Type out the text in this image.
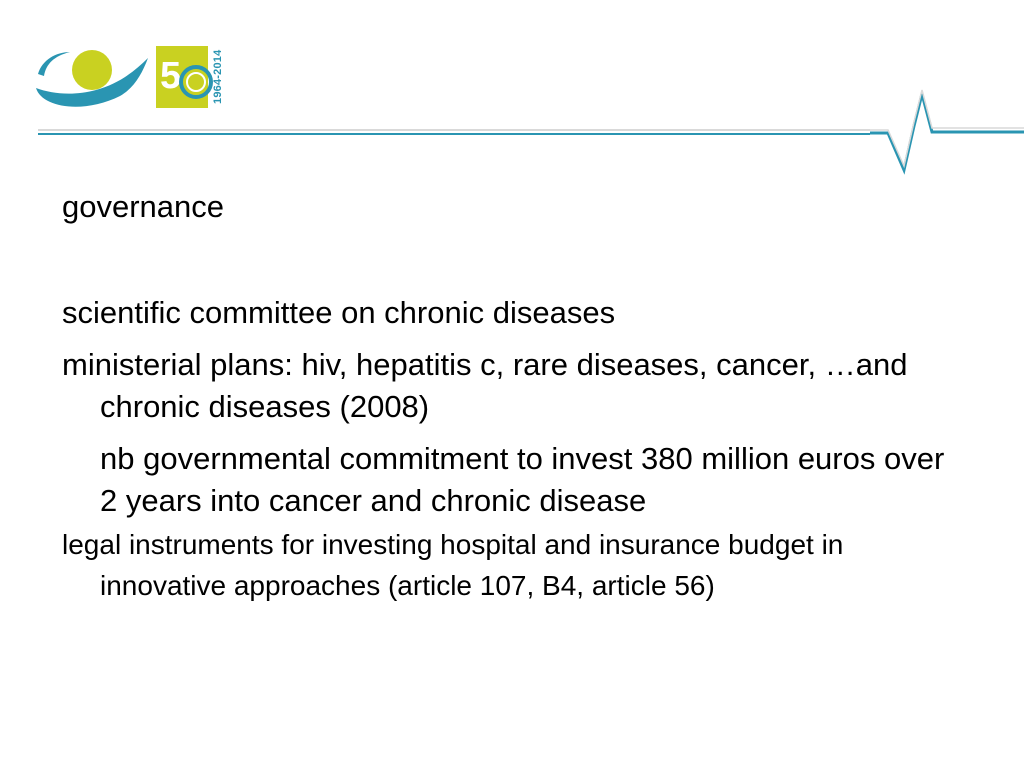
5	1964-2014

governance

scientific committee on chronic diseases

ministerial plans: hiv, hepatitis c, rare diseases, cancer, …and chronic diseases (2008)

nb governmental commitment to invest 380 million euros over 2 years into cancer and chronic disease

legal instruments for investing hospital and insurance budget in innovative approaches (article 107, B4, article 56)
